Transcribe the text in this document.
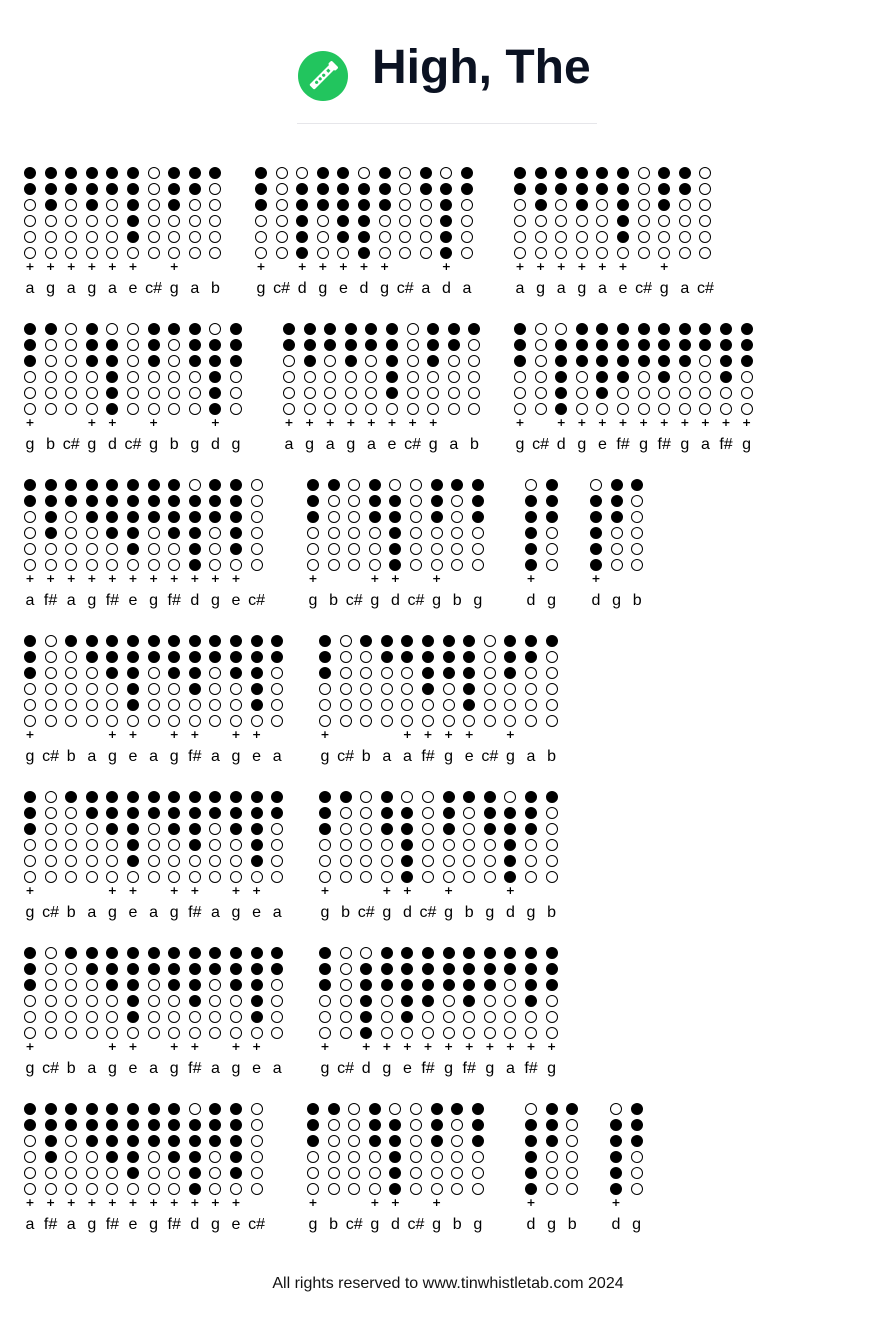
High, The
+
a
+
g
+
a
+
g
+
a
+
e c#
+
g a b
+
g c#
+
d
+
g
+
e
+
d
+
g c# a
+
d a
+
a
+
g
+
a
+
g
+
a
+
e c#
+
g a c#
+
g b c#
+
g
+
d c#
+
g b g
+
d g
+
a
+
g
+
a
+
g
+
a
+
e
+
c#
+
g a b
+
g c#
+
d
+
g
+
e
+
f#
+
g
+
f#
+
g
+
a
+
f#
+
g
+
a
+
f#
+
a
+
g
+
f#
+
e
+
g
+
f#
+
d
+
g
+
e c#
+
g b c#
+
g
+
d c#
+
g b g
+
d g
+
d g b
+
g c# b a
+
g
+
e a
+
g
+
f# a
+
g
+
e a
+
g c# b a
+
a
+
f#
+
g
+
e c#
+
g a b
+
g c# b a
+
g
+
e a
+
g
+
f# a
+
g
+
e a
+
g b c#
+
g
+
d c#
+
g b g
+
d g b
+
g c# b a
+
g
+
e a
+
g
+
f# a
+
g
+
e a
+
g c#
+
d
+
g
+
e
+
f#
+
g
+
f#
+
g
+
a
+
f#
+
g
+
a
+
f#
+
a
+
g
+
f#
+
e
+
g
+
f#
+
d
+
g
+
e c#
+
g b c#
+
g
+
d c#
+
g b g
+
d g b
+
d g
All rights reserved to www.tinwhistletab.com 2024
